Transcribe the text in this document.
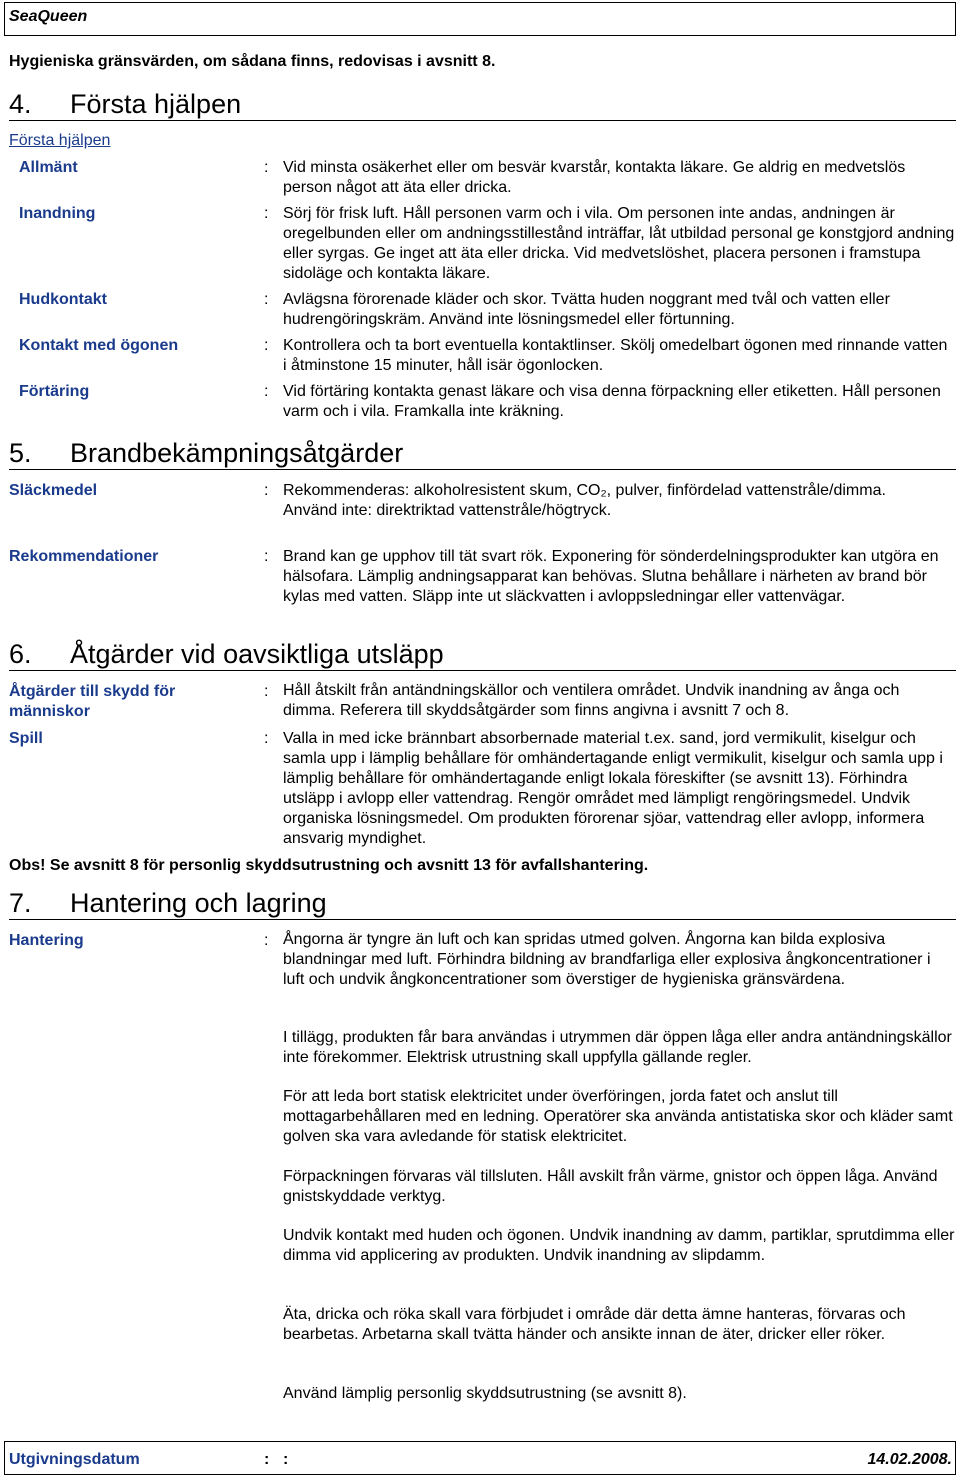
SeaQueen
Hygieniska gränsvärden, om sådana finns, redovisas i avsnitt 8.
4. Första hjälpen
Första hjälpen
Allmänt	: Vid minsta osäkerhet eller om besvär kvarstår, kontakta läkare. Ge aldrig en medvetslös person något att äta eller dricka.
Inandning	: Sörj för frisk luft. Håll personen varm och i vila. Om personen inte andas, andningen är oregelbunden eller om andningsstillestånd inträffar, låt utbildad personal ge konstgjord andning eller syrgas. Ge inget att äta eller dricka. Vid medvetslöshet, placera personen i framstupa sidoläge och kontakta läkare.
Hudkontakt	: Avlägsna förorenade kläder och skor. Tvätta huden noggrant med tvål och vatten eller hudrengöringskräm. Använd inte lösningsmedel eller förtunning.
Kontakt med ögonen	: Kontrollera och ta bort eventuella kontaktlinser. Skölj omedelbart ögonen med rinnande vatten i åtminstone 15 minuter, håll isär ögonlocken.
Förtäring	: Vid förtäring kontakta genast läkare och visa denna förpackning eller etiketten. Håll personen varm och i vila. Framkalla inte kräkning.
5. Brandbekämpningsåtgärder
Släckmedel	: Rekommenderas: alkoholresistent skum, CO₂, pulver, finfördelad vattenstråle/dimma.
Använd inte: direktriktad vattenstråle/högtryck.
Rekommendationer	: Brand kan ge upphov till tät svart rök. Exponering för sönderdelningsprodukter kan utgöra en hälsofara. Lämplig andningsapparat kan behövas. Slutna behållare i närheten av brand bör kylas med vatten. Släpp inte ut släckvatten i avloppsledningar eller vattenvägar.
6. Åtgärder vid oavsiktliga utsläpp
Åtgärder till skydd för människor
: Håll åtskilt från antändningskällor och ventilera området. Undvik inandning av ånga och dimma. Referera till skyddsåtgärder som finns angivna i avsnitt 7 och 8.
Spill	: Valla in med icke brännbart absorbernade material t.ex. sand, jord vermikulit, kiselgur och samla upp i lämplig behållare för omhändertagande enligt vermikulit, kiselgur och samla upp i lämplig behållare för omhändertagande enligt lokala föreskifter (se avsnitt 13). Förhindra utsläpp i avlopp eller vattendrag. Rengör området med lämpligt rengöringsmedel. Undvik organiska lösningsmedel. Om produkten förorenar sjöar, vattendrag eller avlopp, informera ansvarig myndighet.
Obs! Se avsnitt 8 för personlig skyddsutrustning och avsnitt 13 för avfallshantering.
7. Hantering och lagring
Hantering	: Ångorna är tyngre än luft och kan spridas utmed golven. Ångorna kan bilda explosiva blandningar med luft. Förhindra bildning av brandfarliga eller explosiva ångkoncentrationer i luft och undvik ångkoncentrationer som överstiger de hygieniska gränsvärdena.
I tillägg, produkten får bara användas i utrymmen där öppen låga eller andra antändningskällor inte förekommer. Elektrisk utrustning skall uppfylla gällande regler.
För att leda bort statisk elektricitet under överföringen, jorda fatet och anslut till mottagarbehållaren med en ledning. Operatörer ska använda antistatiska skor och kläder samt golven ska vara avledande för statisk elektricitet.
Förpackningen förvaras väl tillsluten. Håll avskilt från värme, gnistor och öppen låga. Använd gnistskyddade verktyg.
Undvik kontakt med huden och ögonen. Undvik inandning av damm, partiklar, sprutdimma eller dimma vid applicering av produkten. Undvik inandning av slipdamm.
Äta, dricka och röka skall vara förbjudet i område där detta ämne hanteras, förvaras och bearbetas. Arbetarna skall tvätta händer och ansikte innan de äter, dricker eller röker.
Använd lämplig personlig skyddsutrustning (se avsnitt 8).
Utgivningsdatum	: :	14.02.2008.
